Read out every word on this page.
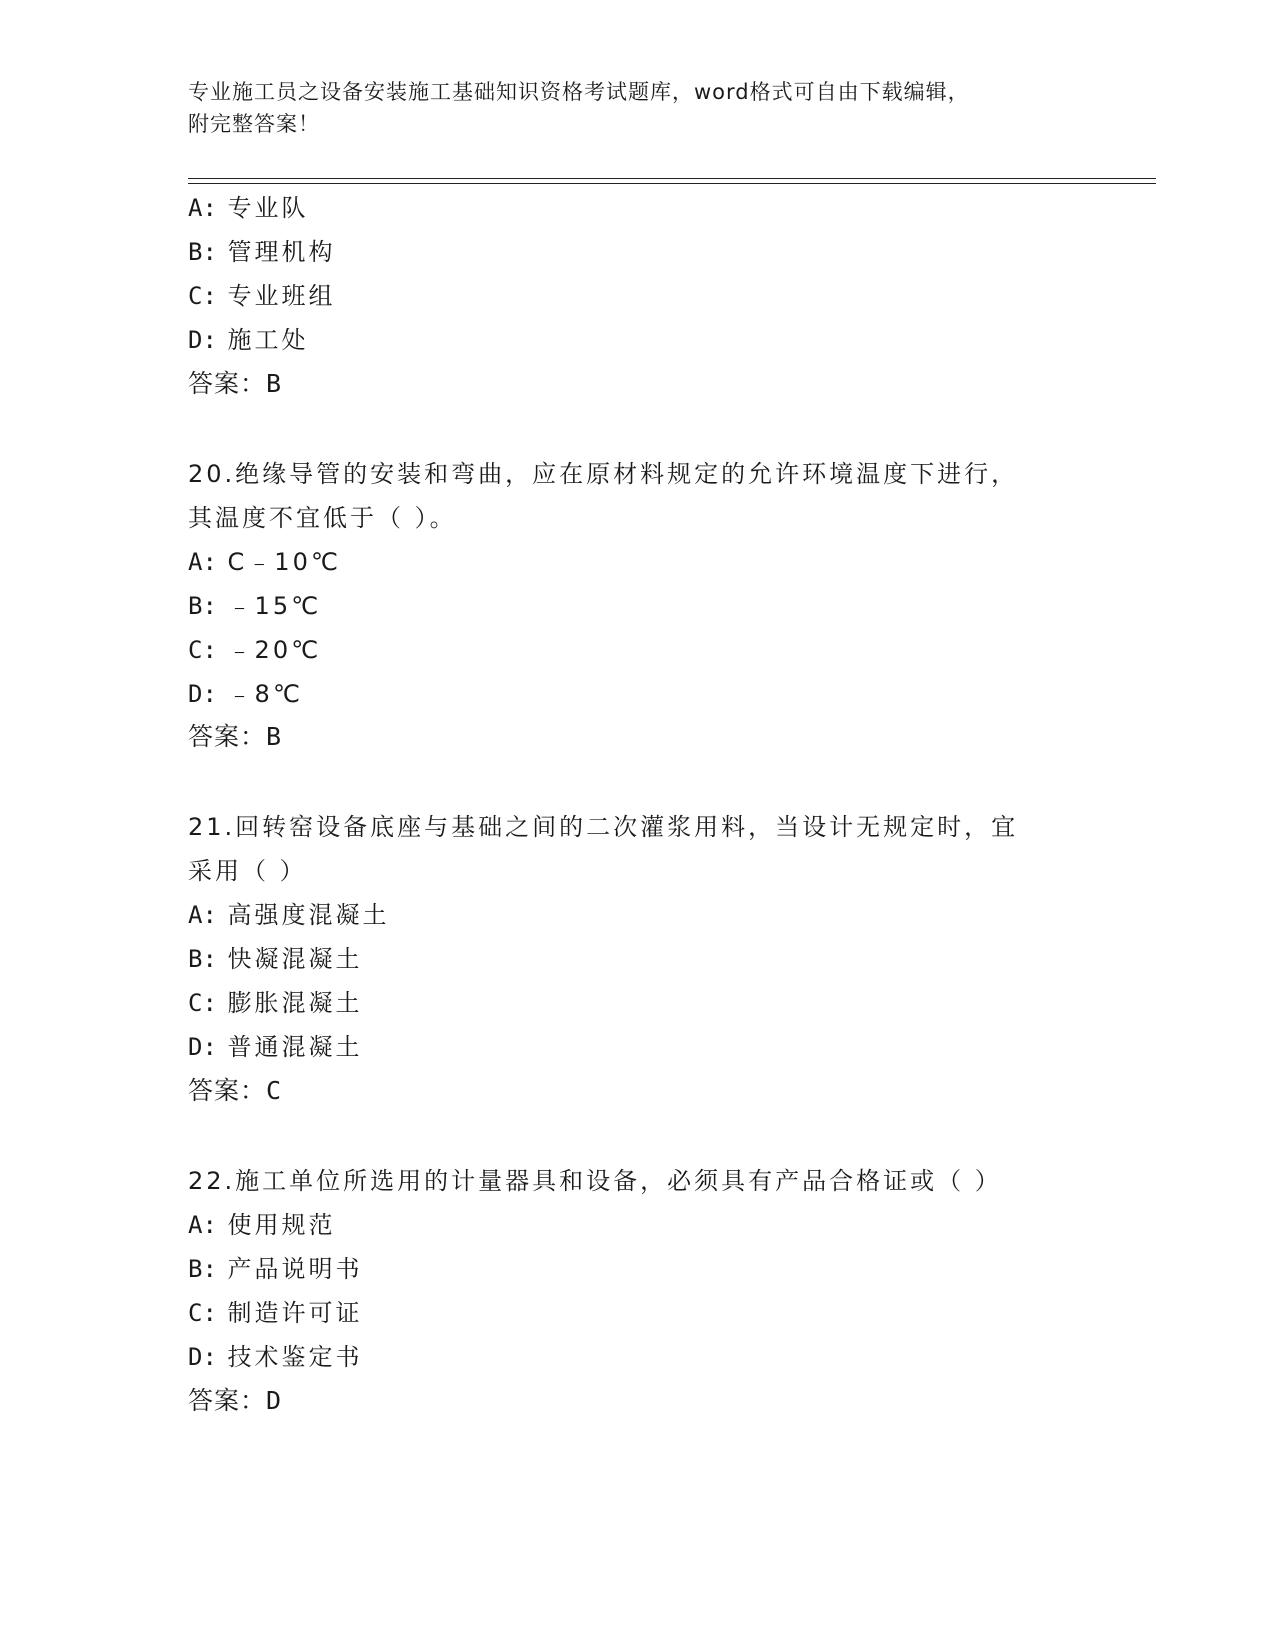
专业施工员之设备安装施工基础知识资格考试题库，word格式可自由下载编辑，
附完整答案！
A: 专业队
B: 管理机构
C: 专业班组
D: 施工处
答案：B
20.绝缘导管的安装和弯曲，应在原材料规定的允许环境温度下进行，
其温度不宜低于（ ）。
A: C﹣10℃
B: ﹣15℃
C: ﹣20℃
D: ﹣8℃
答案：B
21.回转窑设备底座与基础之间的二次灌浆用料，当设计无规定时，宜
采用（ ）
A: 高强度混凝土
B: 快凝混凝土
C: 膨胀混凝土
D: 普通混凝土
答案：C
22.施工单位所选用的计量器具和设备，必须具有产品合格证或（ ）
A: 使用规范
B: 产品说明书
C: 制造许可证
D: 技术鉴定书
答案：D
